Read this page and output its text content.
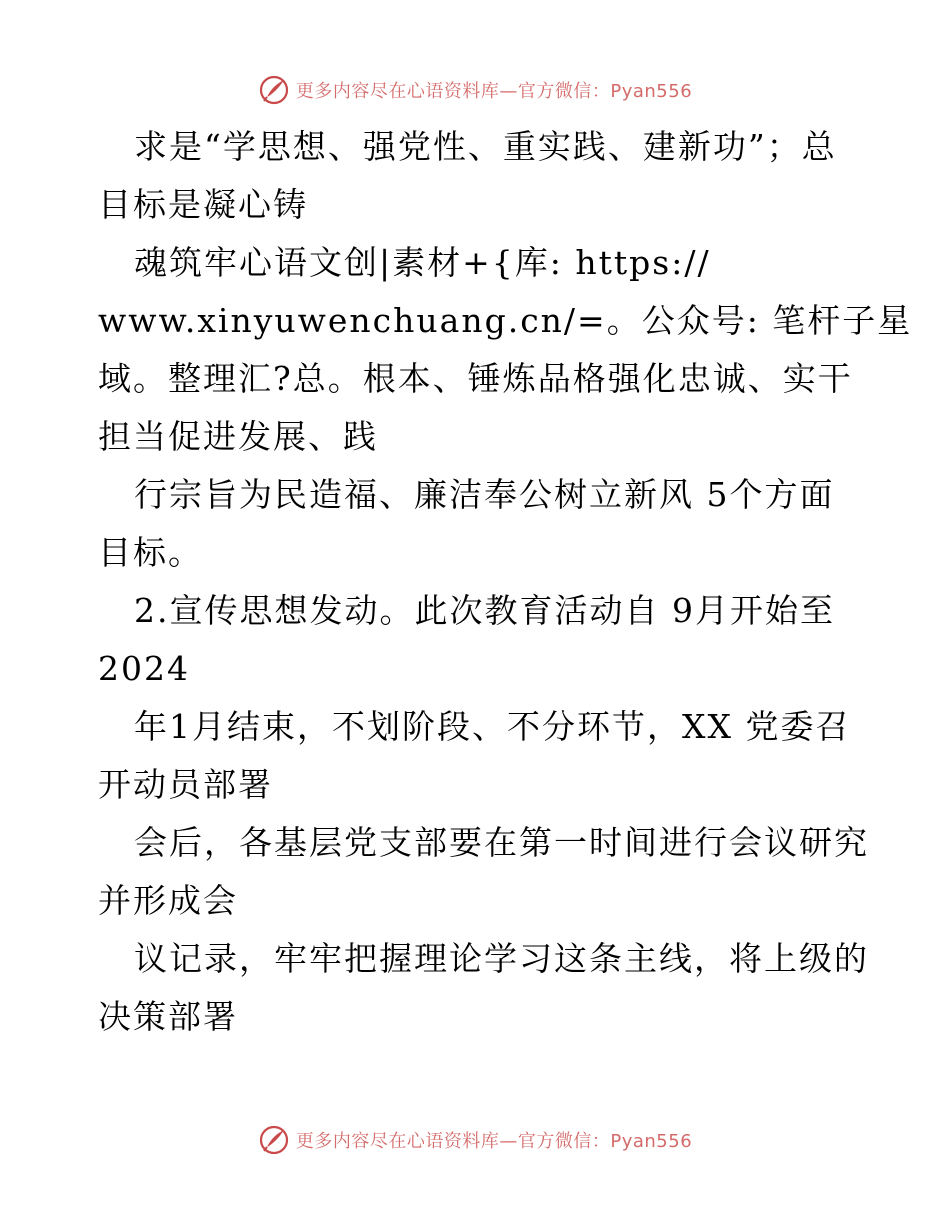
更多内容尽在心语资料库—官方微信：Pyan556
求是“学思想、强党性、重实践、建新功”；总
目标是凝心铸
魂筑牢心语文创|素材+{库: https://
www.xinyuwenchuang.cn/=。公众号: 笔杆子星
域。整理汇?总。根本、锤炼品格强化忠诚、实干
担当促进发展、践
行宗旨为民造福、廉洁奉公树立新风 5个方面
目标。
2.宣传思想发动。此次教育活动自 9月开始至
2024
年1月结束，不划阶段、不分环节，XX 党委召
开动员部署
会后，各基层党支部要在第一时间进行会议研究
并形成会
议记录，牢牢把握理论学习这条主线，将上级的
决策部署
更多内容尽在心语资料库—官方微信：Pyan556
